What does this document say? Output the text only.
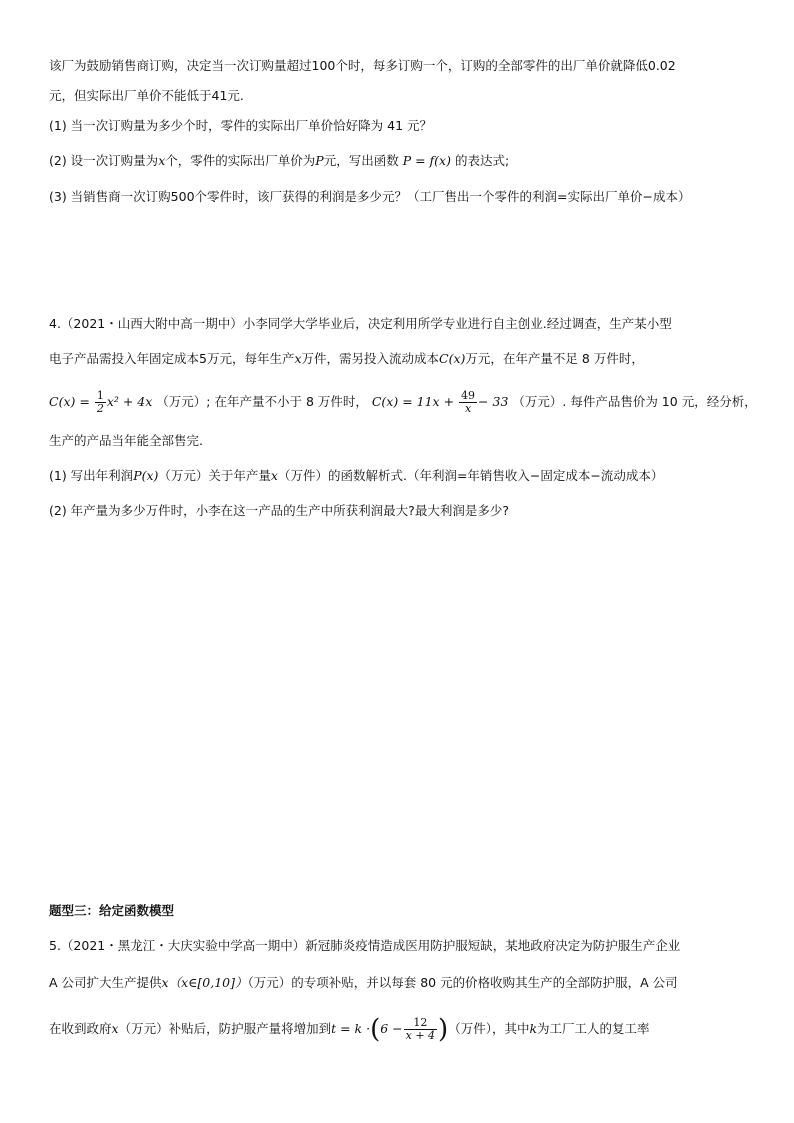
该厂为鼓励销售商订购，决定当一次订购量超过100个时，每多订购一个，订购的全部零件的出厂单价就降低0.02
元，但实际出厂单价不能低于41元.
(1) 当一次订购量为多少个时，零件的实际出厂单价恰好降为 41 元？
(2) 设一次订购量为x个，零件的实际出厂单价为P元，写出函数 P = f(x) 的表达式;
(3) 当销售商一次订购500个零件时，该厂获得的利润是多少元？（工厂售出一个零件的利润=实际出厂单价−成本）
4.（2021・山西大附中高一期中）小李同学大学毕业后，决定利用所学专业进行自主创业.经过调查，生产某小型
电子产品需投入年固定成本5万元，每年生产x万件，需另投入流动成本C(x)万元，在年产量不足 8 万件时，
$C(x) = \frac{1}{2} x^2 + 4x$ （万元）; 在年产量不小于 8 万件时， $C(x) = 11x + \frac{49}{x} - 33$ （万元）. 每件产品售价为 10 元，经分析，
生产的产品当年能全部售完.
(1) 写出年利润P(x)（万元）关于年产量x（万件）的函数解析式.（年利润=年销售收入−固定成本−流动成本）
(2) 年产量为多少万件时，小李在这一产品的生产中所获利润最大?最大利润是多少?
题型三：给定函数模型
5.（2021・黑龙江・大庆实验中学高一期中）新冠肺炎疫情造成医用防护服短缺，某地政府决定为防护服生产企业
A 公司扩大生产提供x（x∈[0,10]）（万元）的专项补贴，并以每套 80 元的价格收购其生产的全部防护服，A 公司
在收到政府x（万元）补贴后，防护服产量将增加到$t = k \cdot(6 - \frac{12}{x + 4}$ )（万件），其中k为工厂工人的复工率
